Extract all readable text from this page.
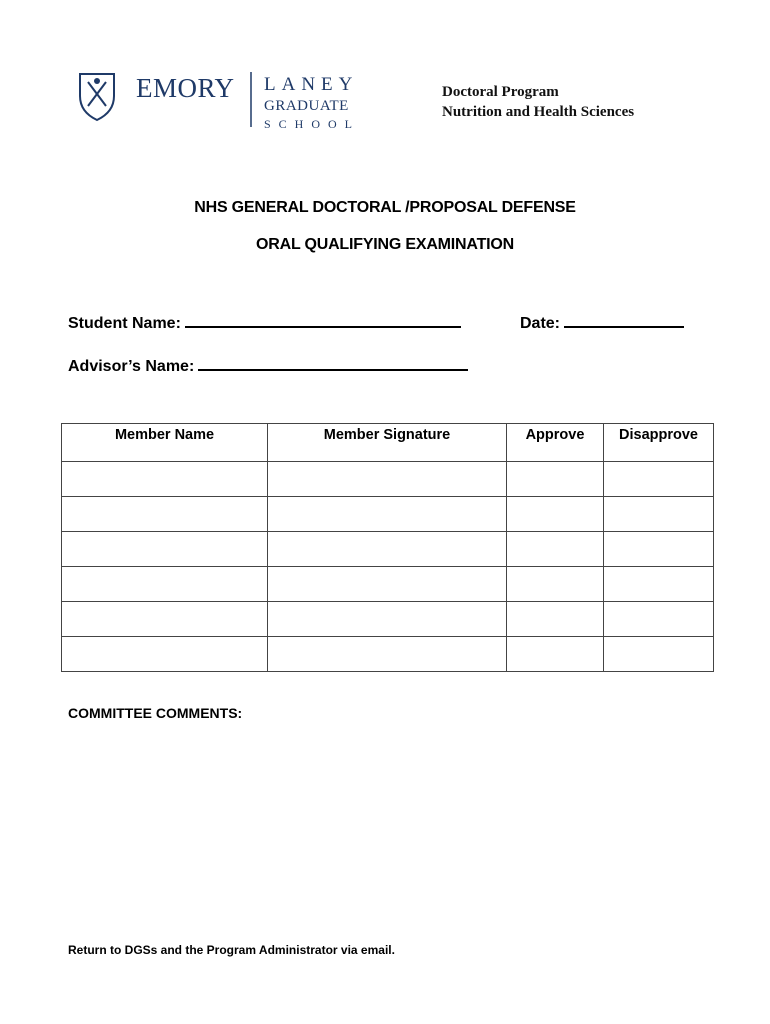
EMORY LANEY
GRADUATE
SCHOOL
Doctoral Program
Nutrition and Health Sciences
NHS GENERAL DOCTORAL /PROPOSAL DEFENSE
ORAL QUALIFYING EXAMINATION
Student Name:	Date:
Advisor’s Name:
Member Name	Member Signature	Approve	Disapprove

COMMITTEE COMMENTS:
Return to DGSs and the Program Administrator via email.
